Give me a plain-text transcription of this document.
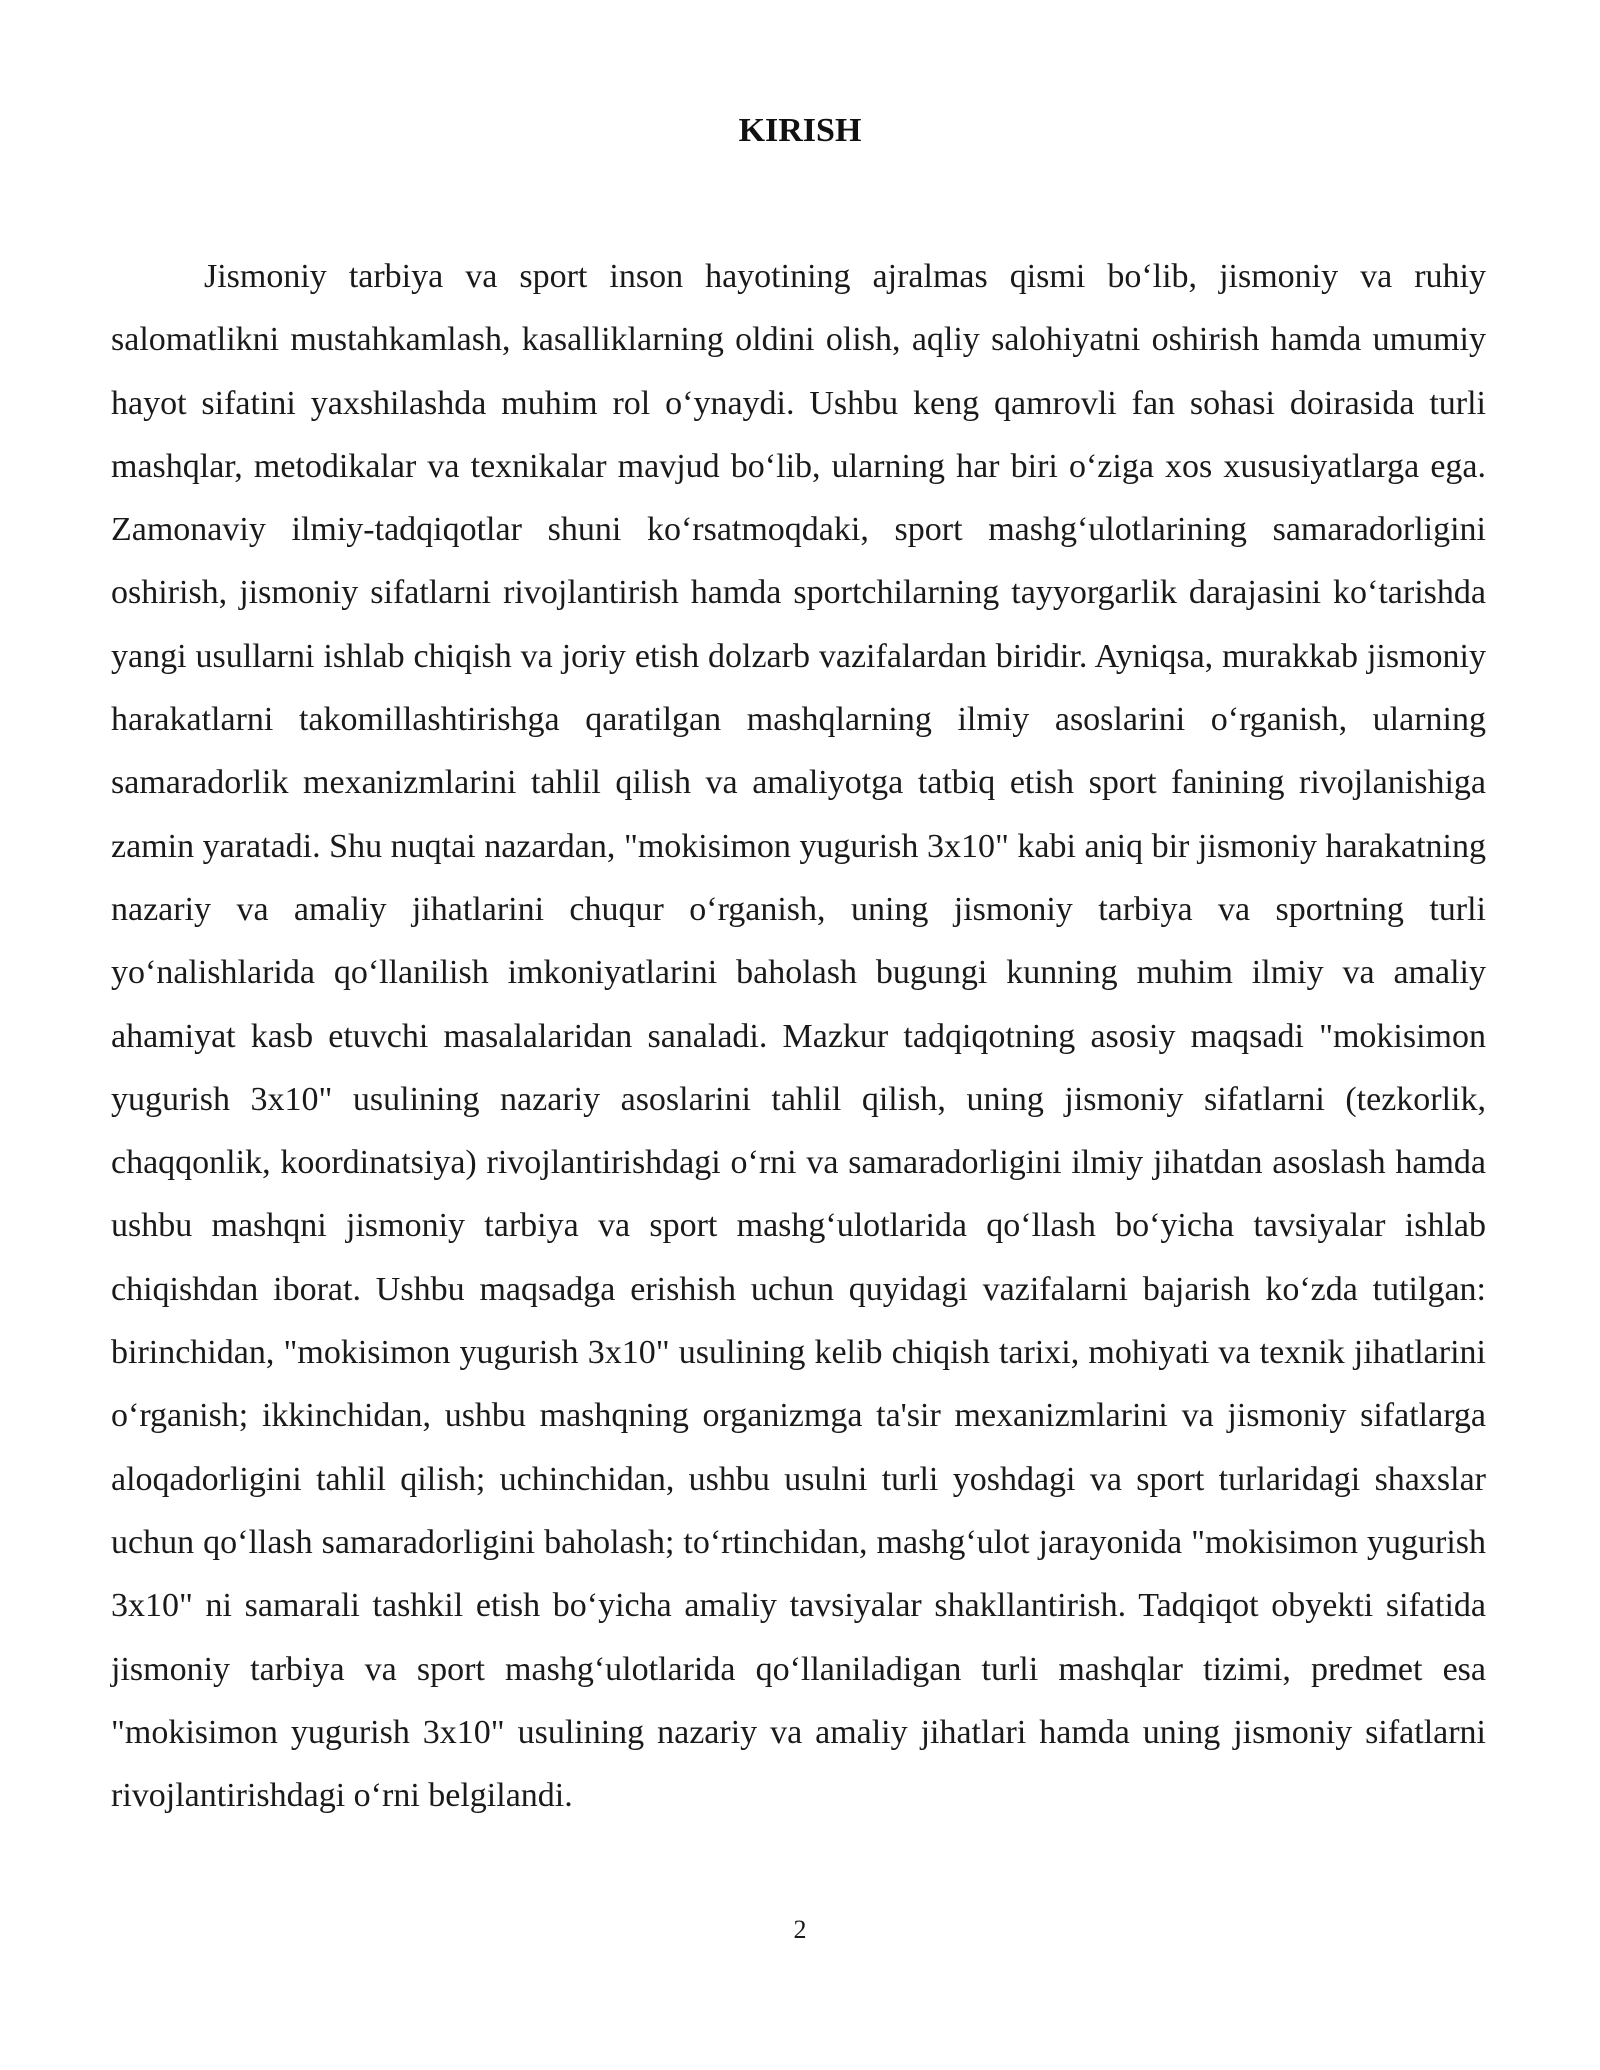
KIRISH

Jismoniy tarbiya va sport inson hayotining ajralmas qismi bo‘lib, jismoniy va ruhiy salomatlikni mustahkamlash, kasalliklarning oldini olish, aqliy salohiyatni oshirish hamda umumiy hayot sifatini yaxshilashda muhim rol o‘ynaydi. Ushbu keng qamrovli fan sohasi doirasida turli mashqlar, metodikalar va texnikalar mavjud bo‘lib, ularning har biri o‘ziga xos xususiyatlarga ega. Zamonaviy ilmiy-tadqiqotlar shuni ko‘rsatmoqdaki, sport mashg‘ulotlarining samaradorligini oshirish, jismoniy sifatlarni rivojlantirish hamda sportchilarning tayyorgarlik darajasini ko‘tarishda yangi usullarni ishlab chiqish va joriy etish dolzarb vazifalardan biridir. Ayniqsa, murakkab jismoniy harakatlarni takomillashtirishga qaratilgan mashqlarning ilmiy asoslarini o‘rganish, ularning samaradorlik mexanizmlarini tahlil qilish va amaliyotga tatbiq etish sport fanining rivojlanishiga zamin yaratadi. Shu nuqtai nazardan, "mokisimon yugurish 3x10" kabi aniq bir jismoniy harakatning nazariy va amaliy jihatlarini chuqur o‘rganish, uning jismoniy tarbiya va sportning turli yo‘nalishlarida qo‘llanilish imkoniyatlarini baholash bugungi kunning muhim ilmiy va amaliy ahamiyat kasb etuvchi masalalaridan sanaladi. Mazkur tadqiqotning asosiy maqsadi "mokisimon yugurish 3x10" usulining nazariy asoslarini tahlil qilish, uning jismoniy sifatlarni (tezkorlik, chaqqonlik, koordinatsiya) rivojlantirishdagi o‘rni va samaradorligini ilmiy jihatdan asoslash hamda ushbu mashqni jismoniy tarbiya va sport mashg‘ulotlarida qo‘llash bo‘yicha tavsiyalar ishlab chiqishdan iborat. Ushbu maqsadga erishish uchun quyidagi vazifalarni bajarish ko‘zda tutilgan: birinchidan, "mokisimon yugurish 3x10" usulining kelib chiqish tarixi, mohiyati va texnik jihatlarini o‘rganish; ikkinchidan, ushbu mashqning organizmga ta'sir mexanizmlarini va jismoniy sifatlarga aloqadorligini tahlil qilish; uchinchidan, ushbu usulni turli yoshdagi va sport turlaridagi shaxslar uchun qo‘llash samaradorligini baholash; to‘rtinchidan, mashg‘ulot jarayonida "mokisimon yugurish 3x10" ni samarali tashkil etish bo‘yicha amaliy tavsiyalar shakllantirish. Tadqiqot obyekti sifatida jismoniy tarbiya va sport mashg‘ulotlarida qo‘llaniladigan turli mashqlar tizimi, predmet esa "mokisimon yugurish 3x10" usulining nazariy va amaliy jihatlari hamda uning jismoniy sifatlarni rivojlantirishdagi o‘rni belgilandi.

2
